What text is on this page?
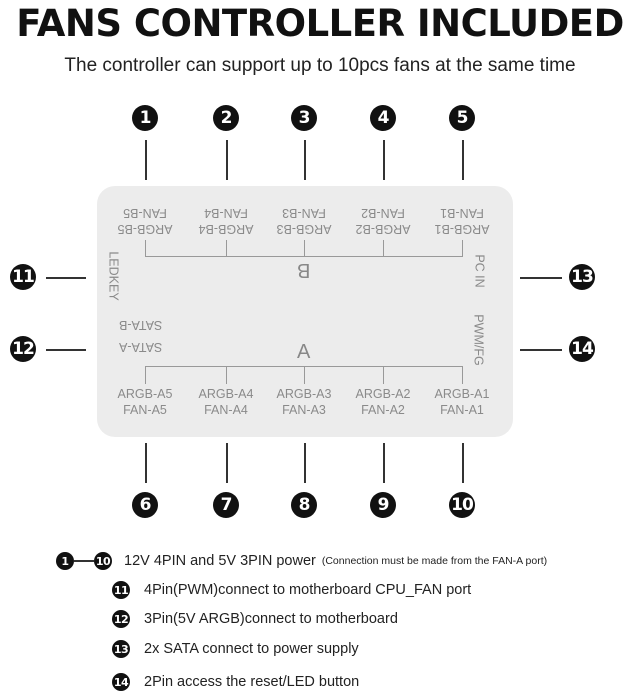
FANS CONTROLLER INCLUDED
The controller can support up to 10pcs fans at the same time
1	2	3	4	5
6	7	8	9	10
11
12
13
14
ARGB-B5
FAN-B5
ARGB-B4
FAN-B4
ARGB-B3
FAN-B3
ARGB-B2
FAN-B2
ARGB-B1
FAN-B1
B
LEDKEY
SATA-B
SATA-A
PC IN
PWM/FG
A
ARGB-A5
FAN-A5
ARGB-A4
FAN-A4
ARGB-A3
FAN-A3
ARGB-A2
FAN-A2
ARGB-A1
FAN-A1
1	10 12V 4PIN and 5V 3PIN power (Connection must be made from the FAN-A port)
11 4Pin(PWM)connect to motherboard CPU_FAN port
12 3Pin(5V ARGB)connect to motherboard
13 2x SATA connect to power supply
14 2Pin access the reset/LED button
